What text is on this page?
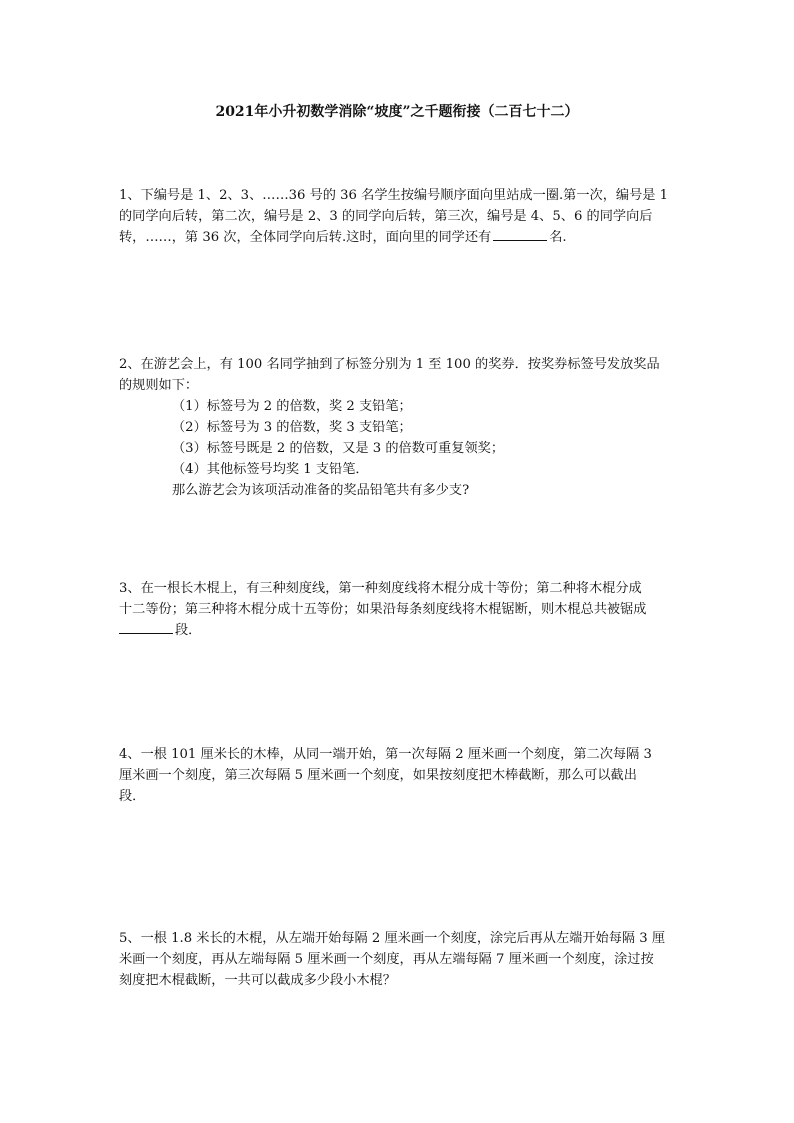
2021年小升初数学消除“坡度”之千题衔接（二百七十二）
1、下编号是 1、2、3、……36 号的 36 名学生按编号顺序面向里站成一圈.第一次，编号是 1
的同学向后转，第二次，编号是 2、3 的同学向后转，第三次，编号是 4、5、6 的同学向后
转，……，第 36 次，全体同学向后转.这时，面向里的同学还有	名.
2、在游艺会上，有 100 名同学抽到了标签分别为 1 至 100 的奖券．按奖券标签号发放奖品
的规则如下：
（1）标签号为 2 的倍数，奖 2 支铅笔；
（2）标签号为 3 的倍数，奖 3 支铅笔；
（3）标签号既是 2 的倍数，又是 3 的倍数可重复领奖；
（4）其他标签号均奖 1 支铅笔．
那么游艺会为该项活动准备的奖品铅笔共有多少支?
3、在一根长木棍上，有三种刻度线，第一种刻度线将木棍分成十等份；第二种将木棍分成
十二等份；第三种将木棍分成十五等份；如果沿每条刻度线将木棍锯断，则木棍总共被锯成
段．
4、一根 101 厘米长的木棒，从同一端开始，第一次每隔 2 厘米画一个刻度，第二次每隔 3
厘米画一个刻度，第三次每隔 5 厘米画一个刻度，如果按刻度把木棒截断，那么可以截出
段．
5、一根 1.8 米长的木棍，从左端开始每隔 2 厘米画一个刻度，涂完后再从左端开始每隔 3 厘
米画一个刻度，再从左端每隔 5 厘米画一个刻度，再从左端每隔 7 厘米画一个刻度，涂过按
刻度把木棍截断，一共可以截成多少段小木棍？
